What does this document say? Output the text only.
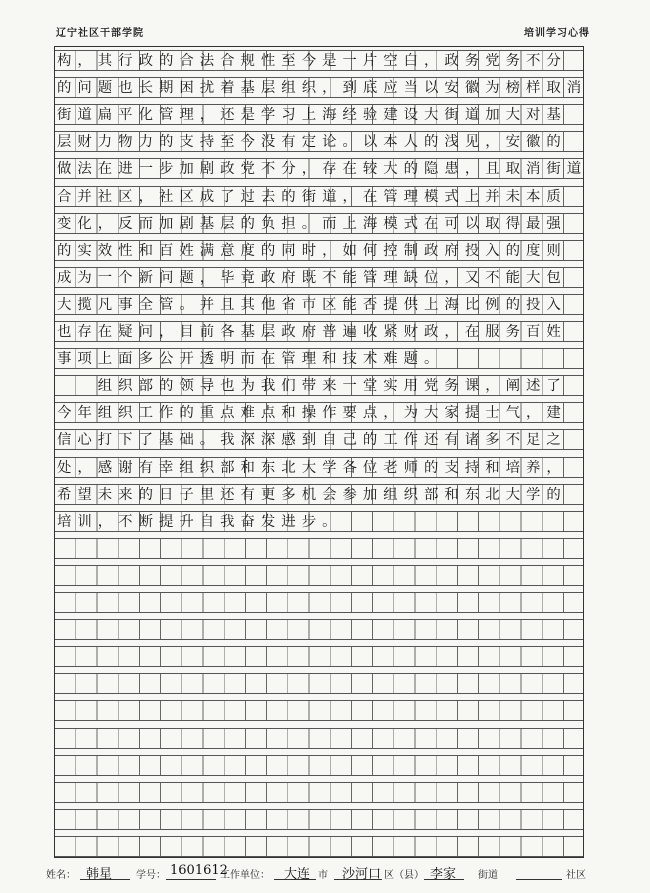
辽宁社区干部学院	培训学习心得
构，其行政的合法合规性至今是一片空白，政务党务不分
的问题也长期困扰着基层组织，到底应当以安徽为榜样取消
街道扁平化管理，还是学习上海经验建设大街道加大对基
层财力物力的支持至今没有定论。以本人的浅见，安徽的
做法在进一步加剧政党不分，存在较大的隐患，且取消街道
合并社区，社区成了过去的街道，在管理模式上并未本质
变化，反而加剧基层的负担。而上海模式在可以取得最强
的实效性和百姓满意度的同时，如何控制政府投入的度则
成为一个新问题，毕竟政府既不能管理缺位，又不能大包
大揽凡事全管。并且其他省市区能否提供上海比例的投入
也存在疑问，目前各基层政府普遍收紧财政，在服务百姓
事项上面多公开透明而在管理和技术难题。
　　组织部的领导也为我们带来一堂实用党务课，阐述了
今年组织工作的重点难点和操作要点，为大家提士气，建
信心打下了基础。我深深感到自己的工作还有诸多不足之
处，感谢有幸组织部和东北大学各位老师的支持和培养，
希望未来的日子里还有更多机会参加组织部和东北大学的
培训，不断提升自我奋发进步。
姓名： 韩星 学号： 1601612
工作单位： 大连 市 沙河口 区（县） 李家 街道	社区
